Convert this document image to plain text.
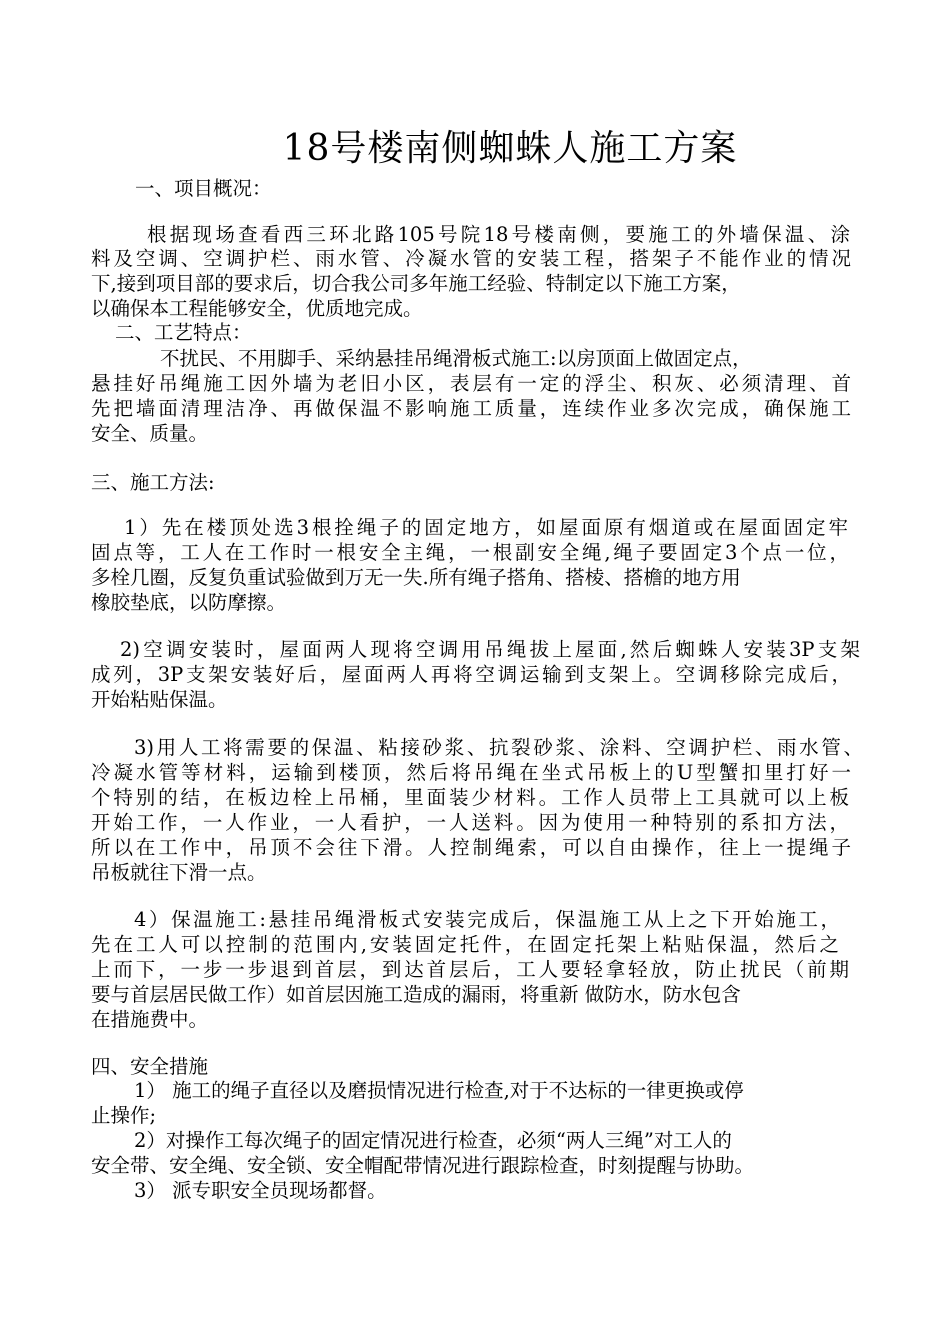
18号楼南侧蜘蛛人施工方案
一、项目概况：
根据现场查看西三环北路105号院18号楼南侧，要施工的外墙保温、涂
料及空调、空调护栏、雨水管、冷凝水管的安装工程，搭架子不能作业的情况
下,接到项目部的要求后，切合我公司多年施工经验、特制定以下施工方案，
以确保本工程能够安全，优质地完成。
二、工艺特点：
不扰民、不用脚手、采纳悬挂吊绳滑板式施工:以房顶面上做固定点，
悬挂好吊绳施工因外墙为老旧小区，表层有一定的浮尘、积灰、必须清理、首
先把墙面清理洁净、再做保温不影响施工质量，连续作业多次完成，确保施工
安全、质量。
三、施工方法:
1）先在楼顶处选3根拴绳子的固定地方，如屋面原有烟道或在屋面固定牢
固点等，工人在工作时一根安全主绳，一根副安全绳,绳子要固定3个点一位，
多栓几圈，反复负重试验做到万无一失.所有绳子搭角、搭棱、搭檐的地方用
橡胶垫底，以防摩擦。
2)空调安装时，屋面两人现将空调用吊绳拔上屋面,然后蜘蛛人安装3P支架
成列，3P支架安装好后，屋面两人再将空调运输到支架上。空调移除完成后，
开始粘贴保温。
3)用人工将需要的保温、粘接砂浆、抗裂砂浆、涂料、空调护栏、雨水管、
冷凝水管等材料，运输到楼顶，然后将吊绳在坐式吊板上的U型蟹扣里打好一
个特别的结，在板边栓上吊桶，里面装少材料。工作人员带上工具就可以上板
开始工作，一人作业，一人看护，一人送料。因为使用一种特别的系扣方法，
所以在工作中，吊顶不会往下滑。人控制绳索，可以自由操作，往上一提绳子
吊板就往下滑一点。
4）保温施工:悬挂吊绳滑板式安装完成后，保温施工从上之下开始施工，
先在工人可以控制的范围内,安装固定托件，在固定托架上粘贴保温，然后之
上而下，一步一步退到首层，到达首层后，工人要轻拿轻放，防止扰民（前期
要与首层居民做工作）如首层因施工造成的漏雨，将重新 做防水，防水包含
在措施费中。
四、安全措施
1） 施工的绳子直径以及磨损情况进行检查,对于不达标的一律更换或停
止操作;
2）对操作工每次绳子的固定情况进行检查，必须“两人三绳”对工人的
安全带、安全绳、安全锁、安全帽配带情况进行跟踪检查，时刻提醒与协助。
3） 派专职安全员现场都督。
